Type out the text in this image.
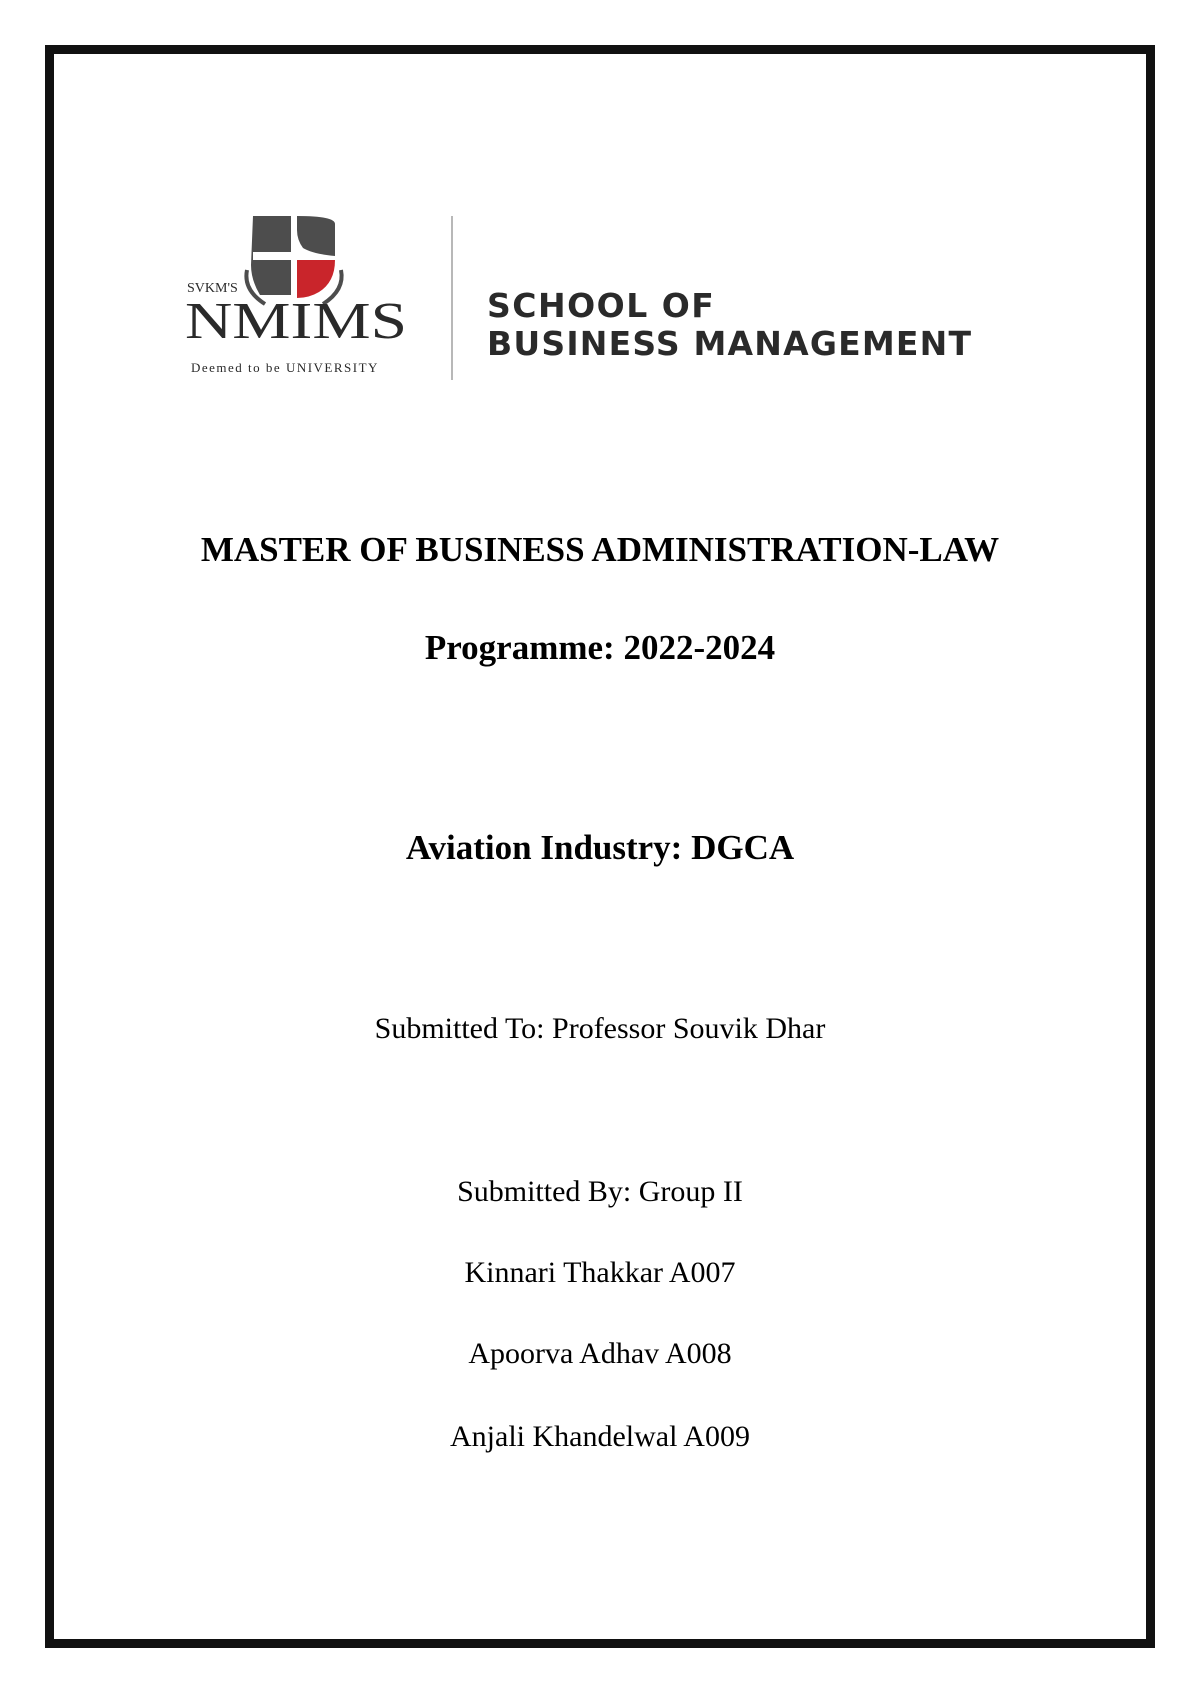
SVKM'S
NMIMS
Deemed to be UNIVERSITY
SCHOOL OF
BUSINESS MANAGEMENT
MASTER OF BUSINESS ADMINISTRATION-LAW
Programme: 2022-2024
Aviation Industry: DGCA
Submitted To: Professor Souvik Dhar
Submitted By: Group II
Kinnari Thakkar A007
Apoorva Adhav A008
Anjali Khandelwal A009
